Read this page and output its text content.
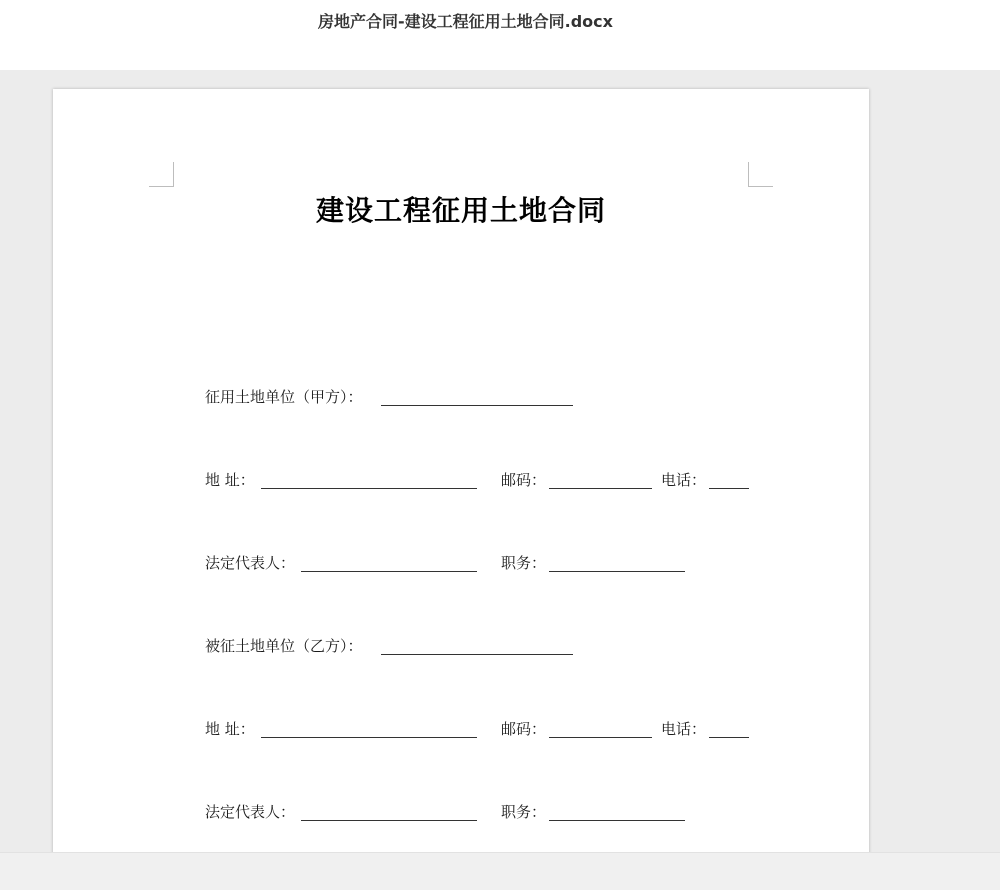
房地产合同-建设工程征用土地合同.docx
建设工程征用土地合同
征用土地单位（甲方）：
地 址：	邮码：	电话：
法定代表人：	职务：
被征土地单位（乙方）：
地 址：	邮码：	电话：
法定代表人：	职务：
